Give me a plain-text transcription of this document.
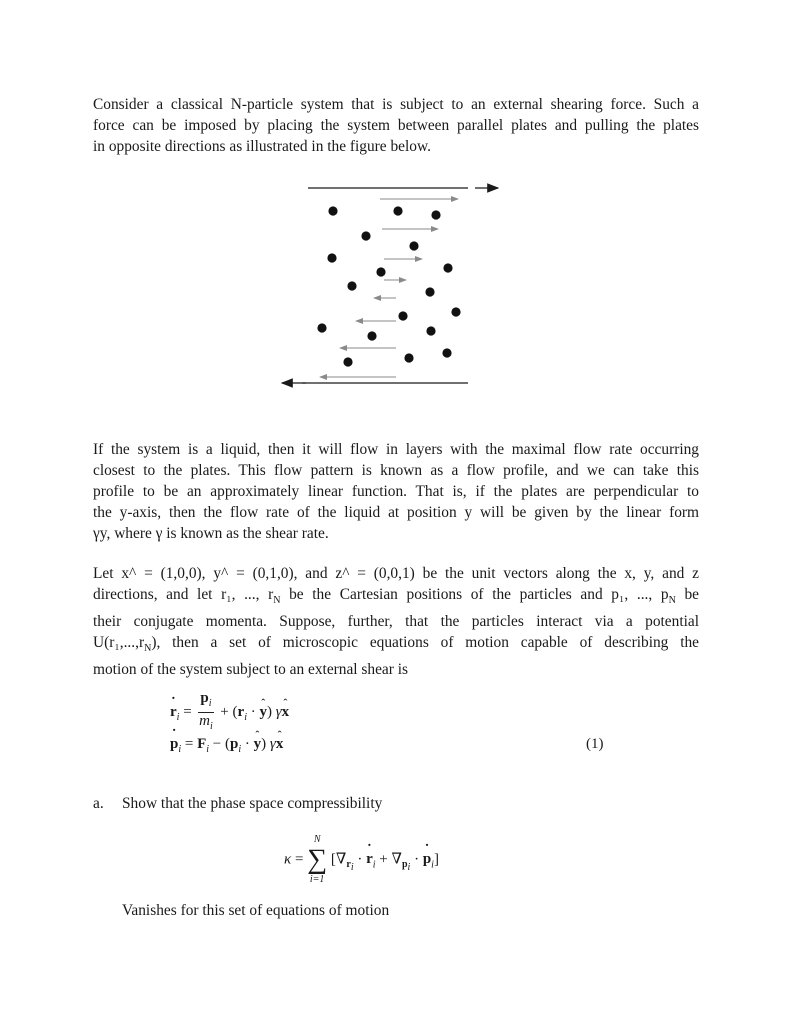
Consider a classical N-particle system that is subject to an external shearing force. Such a
force can be imposed by placing the system between parallel plates and pulling the plates
in opposite directions as illustrated in the figure below.
If the system is a liquid, then it will flow in layers with the maximal flow rate occurring
closest to the plates. This flow pattern is known as a flow profile, and we can take this
profile to be an approximately linear function. That is, if the plates are perpendicular to
the y-axis, then the flow rate of the liquid at position y will be given by the linear form
γy, where γ is known as the shear rate.
Let x^ = (1,0,0), y^ = (0,1,0), and z^ = (0,0,1) be the unit vectors along the x, y, and z
directions, and let r₁, ..., $r_N$ be the Cartesian positions of the particles and p₁, ..., $p_N$ be
their conjugate momenta. Suppose, further, that the particles interact via a potential
$U(r_1,...,r_N)$, then a set of microscopic equations of motion capable of describing the
motion of the system subject to an external shear is
˙ $r_i = \frac{p_i}{m_i} + (r_i$ · ˆ y) γˆ x
˙ $p_i = F_i - (p_i$ · ˆ y) γˆ x	(1)
a. Show that the phase space compressibility
κ =
N
∑
i=1
[$\nabla_{r_i}$ · ˙ $r_i + \nabla_{p_i}$ · ˙ $p_i$]
Vanishes for this set of equations of motion
